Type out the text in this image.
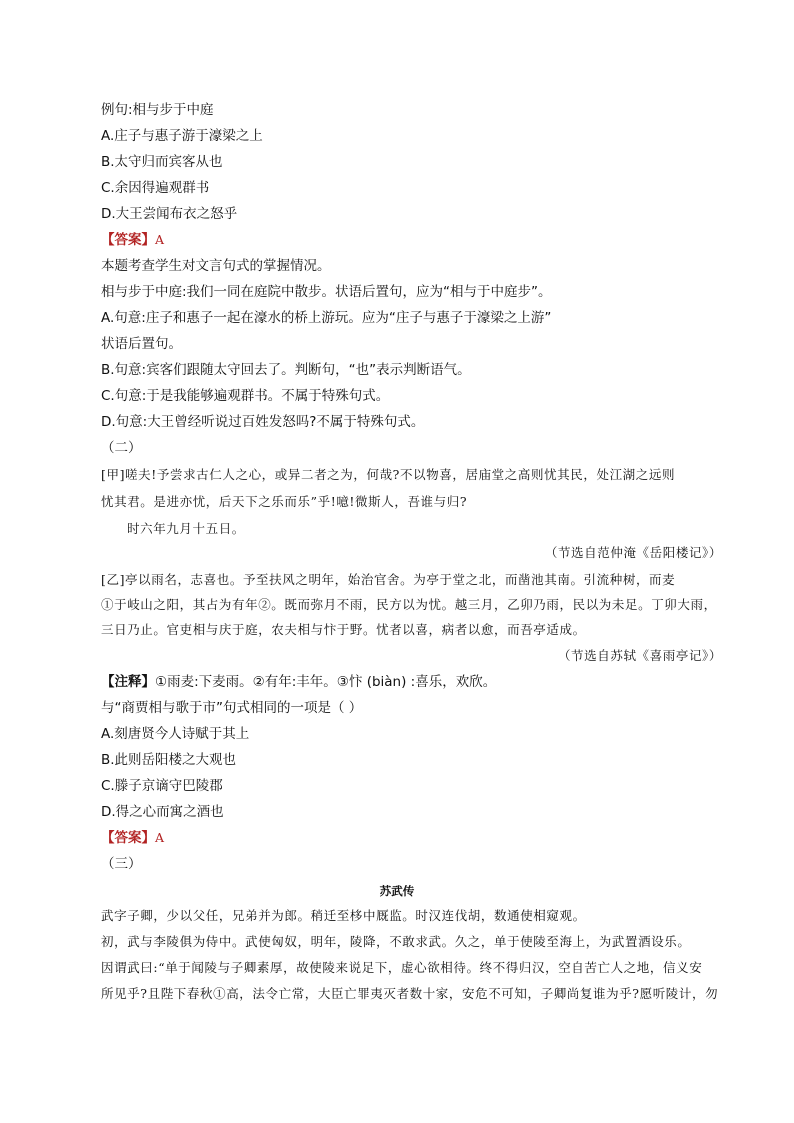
例句:相与步于中庭
A.庄子与惠子游于濠梁之上
B.太守归而宾客从也
C.余因得遍观群书
D.大王尝闻布衣之怒乎
【答案】A
本题考查学生对文言句式的掌握情况。
相与步于中庭:我们一同在庭院中散步。状语后置句，应为“相与于中庭步”。
A.句意:庄子和惠子一起在濠水的桥上游玩。应为“庄子与惠子于濠梁之上游”
状语后置句。
B.句意:宾客们跟随太守回去了。判断句，“也”表示判断语气。
C.句意:于是我能够遍观群书。不属于特殊句式。
D.句意:大王曾经听说过百姓发怒吗?不属于特殊句式。
（二）
[甲]嗟夫!予尝求古仁人之心，或异二者之为，何哉?不以物喜，居庙堂之高则忧其民，处江湖之远则
忧其君。是进亦忧，后天下之乐而乐”乎!噫!微斯人，吾谁与归?
时六年九月十五日。
（节选自范仲淹《岳阳楼记》）
[乙]亭以雨名，志喜也。予至扶风之明年，始治官舍。为亭于堂之北，而凿池其南。引流种树，而麦
①于岐山之阳，其占为有年②。既而弥月不雨，民方以为忧。越三月，乙卯乃雨，民以为未足。丁卯大雨，
三日乃止。官吏相与庆于庭，农夫相与忭于野。忧者以喜，病者以愈，而吾亭适成。
（节选自苏轼《喜雨亭记》）
【注释】①雨麦:下麦雨。②有年:丰年。③忭 (biàn) :喜乐，欢欣。
与“商贾相与歌于市”句式相同的一项是（ ）
A.刻唐贤今人诗赋于其上
B.此则岳阳楼之大观也
C.滕子京谪守巴陵郡
D.得之心而寓之酒也
【答案】A
（三）
苏武传
武字子卿，少以父任，兄弟并为郎。稍迁至栘中厩监。时汉连伐胡，数通使相窥观。
初，武与李陵俱为侍中。武使匈奴，明年，陵降，不敢求武。久之，单于使陵至海上，为武置酒设乐。
因谓武曰:“单于闻陵与子卿素厚，故使陵来说足下，虚心欲相待。终不得归汉，空自苦亡人之地，信义安
所见乎?且陛下春秋①高，法令亡常，大臣亡罪夷灭者数十家，安危不可知，子卿尚复谁为乎?愿听陵计，勿
